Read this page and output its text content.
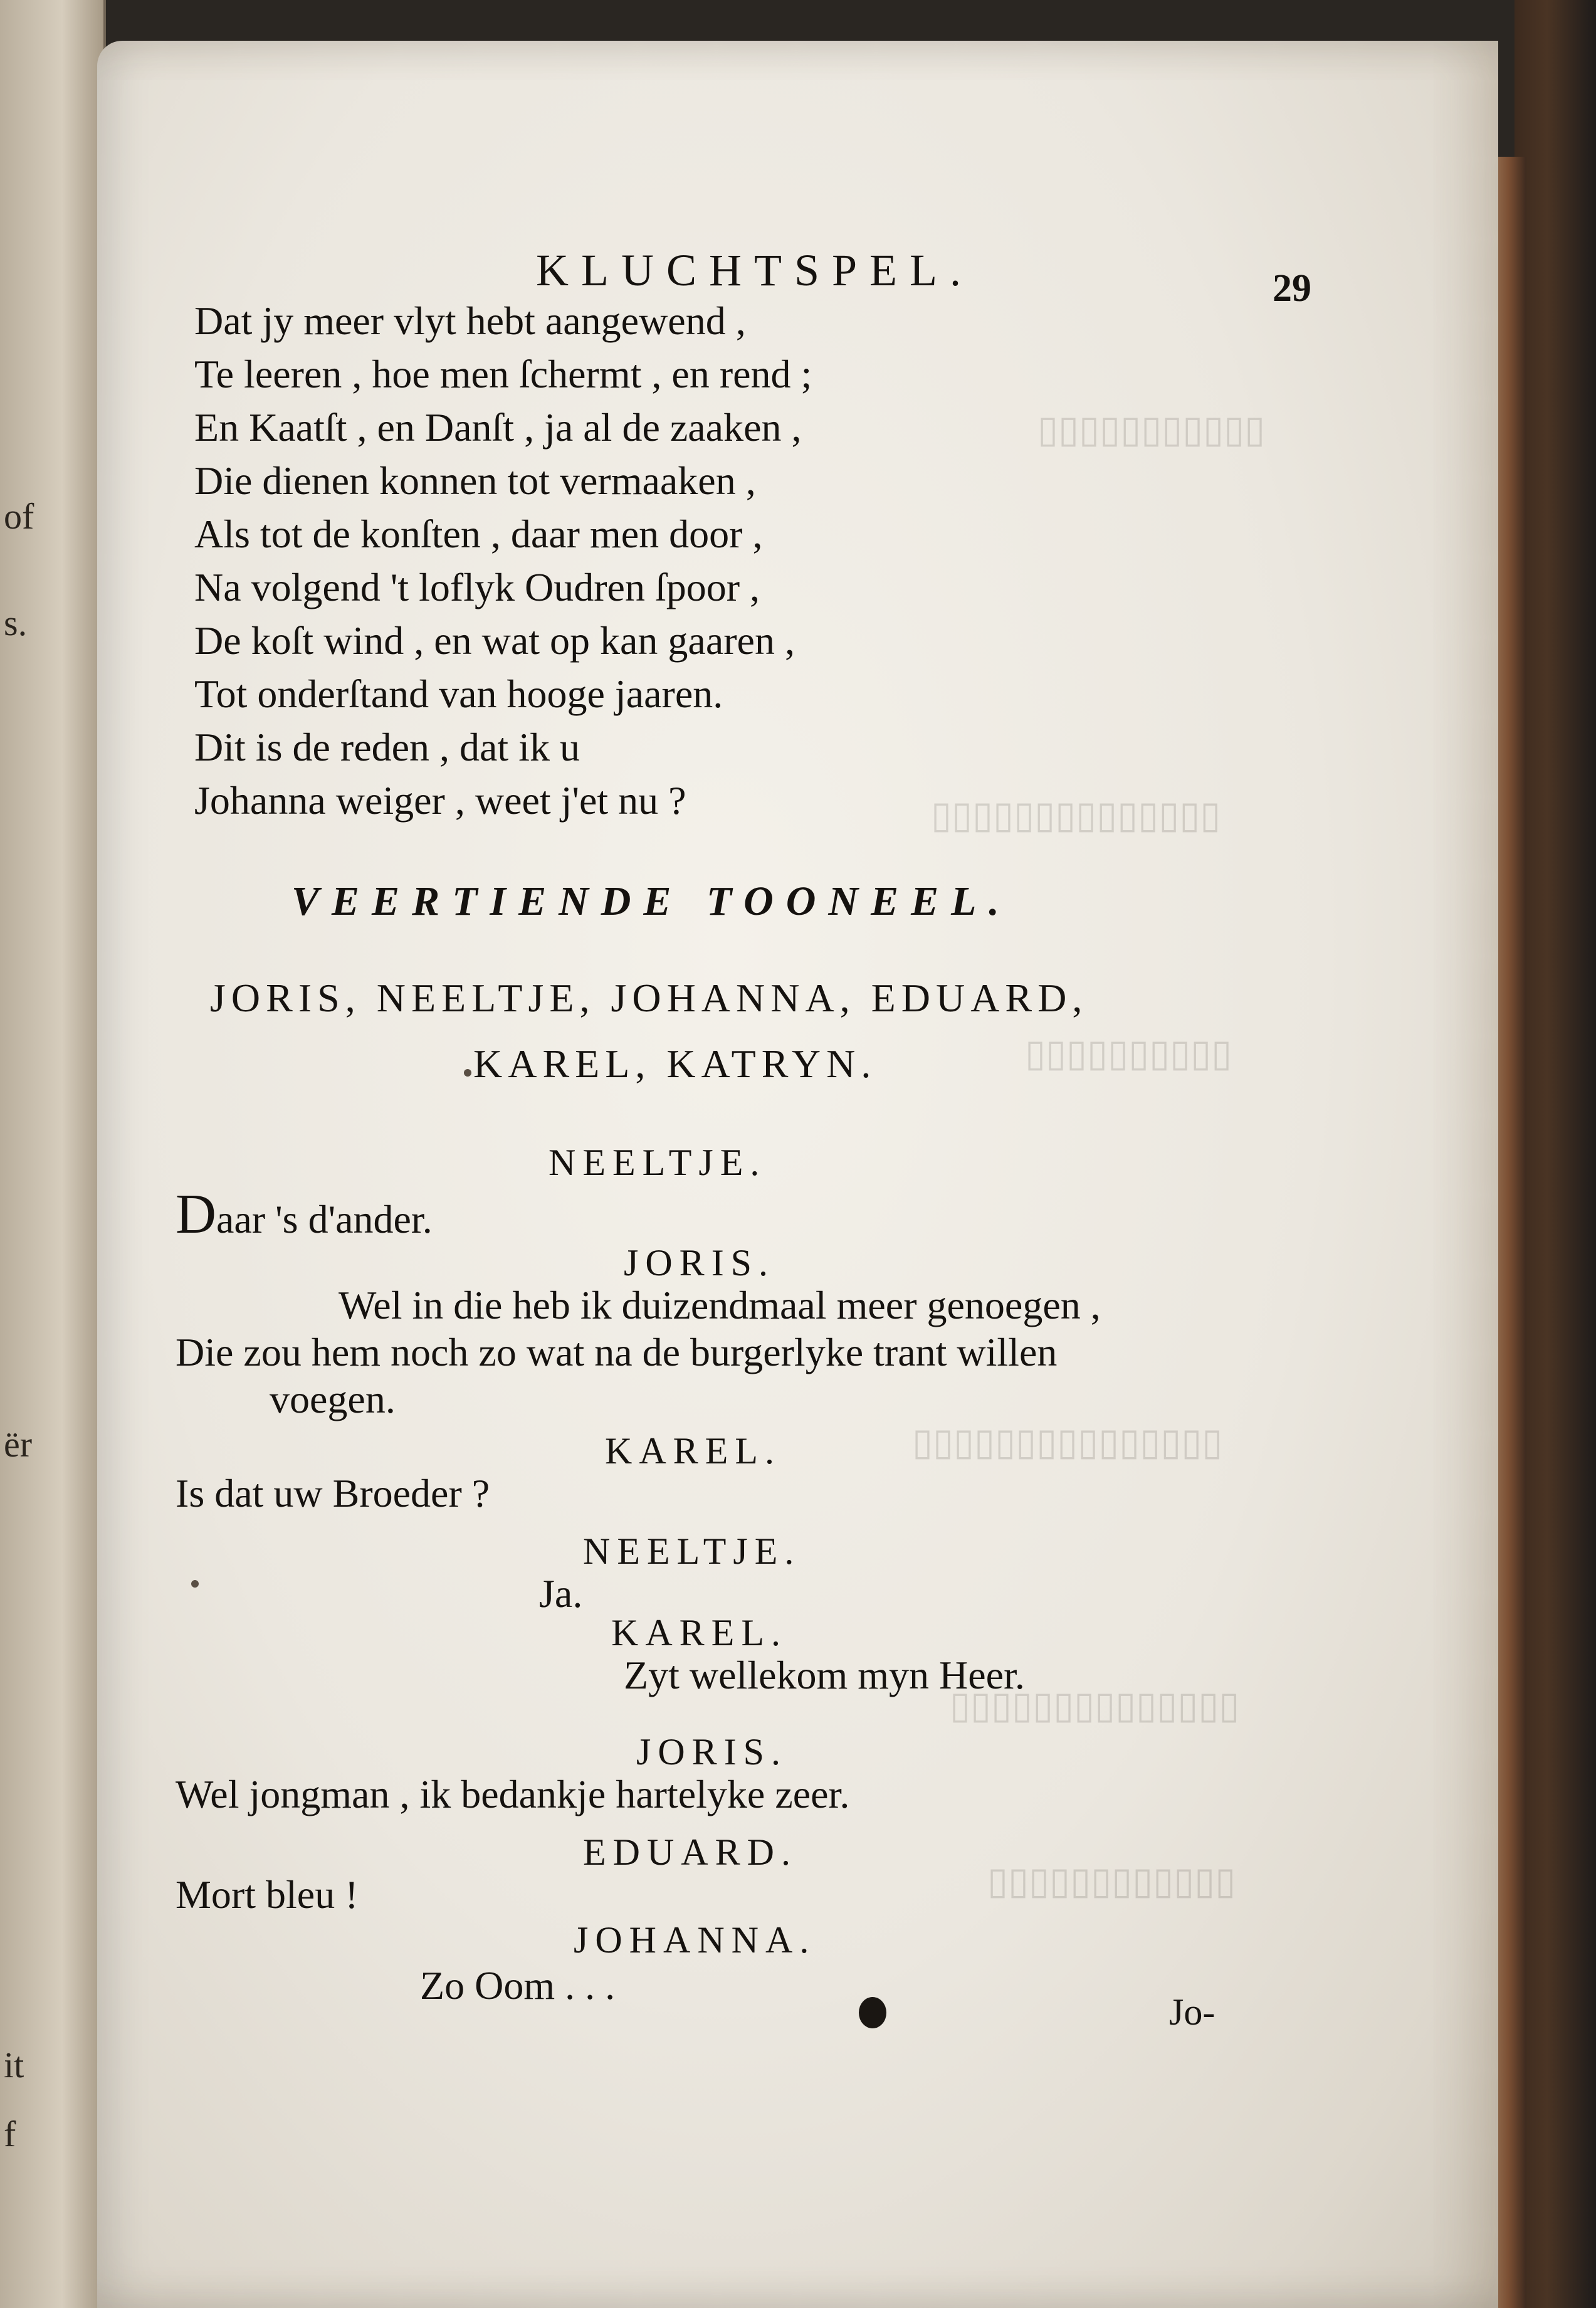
of
s.
ër
it
f
▯▯▯▯▯▯▯▯▯▯▯
▯▯▯▯▯▯▯▯▯▯▯▯▯▯
▯▯▯▯▯▯▯▯▯▯
▯▯▯▯▯▯▯▯▯▯▯▯▯▯▯
▯▯▯▯▯▯▯▯▯▯▯▯▯▯
▯▯▯▯▯▯▯▯▯▯▯▯
KLUCHTSPEL.	29
Dat jy meer vlyt hebt aangewend ,
Te leeren , hoe men ſchermt , en rend ;
En Kaatſt , en Danſt , ja al de zaaken ,
Die dienen konnen tot vermaaken ,
Als tot de konſten , daar men door ,
Na volgend 't loflyk Oudren ſpoor ,
De koſt wind , en wat op kan gaaren ,
Tot onderſtand van hooge jaaren.
Dit is de reden , dat ik u
Johanna weiger , weet j'et nu ?
VEERTIENDE TOONEEL.
JORIS, NEELTJE, JOHANNA, EDUARD,
KAREL, KATRYN.
NEELTJE.
Daar 's d'ander.
JORIS.
Wel in die heb ik duizendmaal meer genoegen ,
Die zou hem noch zo wat na de burgerlyke trant willen
voegen.
KAREL.
Is dat uw Broeder ?
NEELTJE.
Ja.
KAREL.
Zyt wellekom myn Heer.
JORIS.
Wel jongman , ik bedankje hartelyke zeer.
EDUARD.
Mort bleu !
JOHANNA.
Zo Oom . . .
Jo-
